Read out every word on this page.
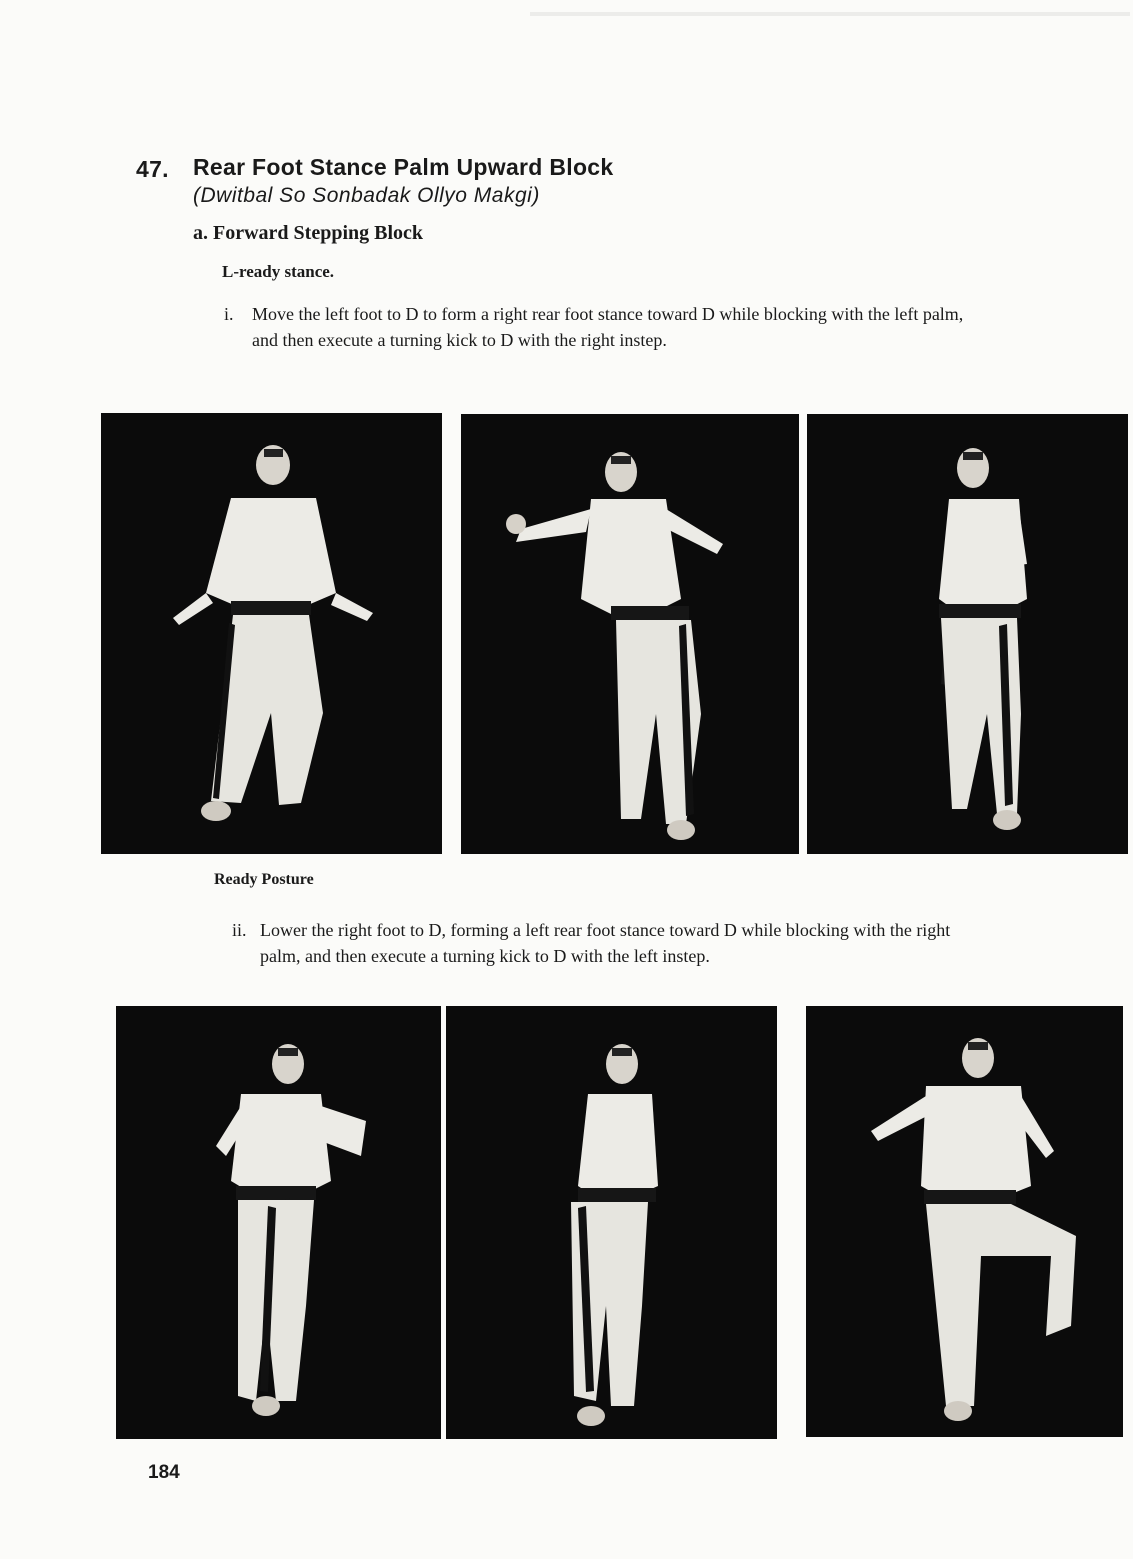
47. Rear Foot Stance Palm Upward Block
(Dwitbal So Sonbadak Ollyo Makgi)
a. Forward Stepping Block
L-ready stance.
i.	Move the left foot to D to form a right rear foot stance toward D while blocking with the left palm, and then execute a turning kick to D with the right instep.
Ready Posture
ii. Lower the right foot to D, forming a left rear foot stance toward D while blocking with the right palm, and then execute a turning kick to D with the left instep.
184
